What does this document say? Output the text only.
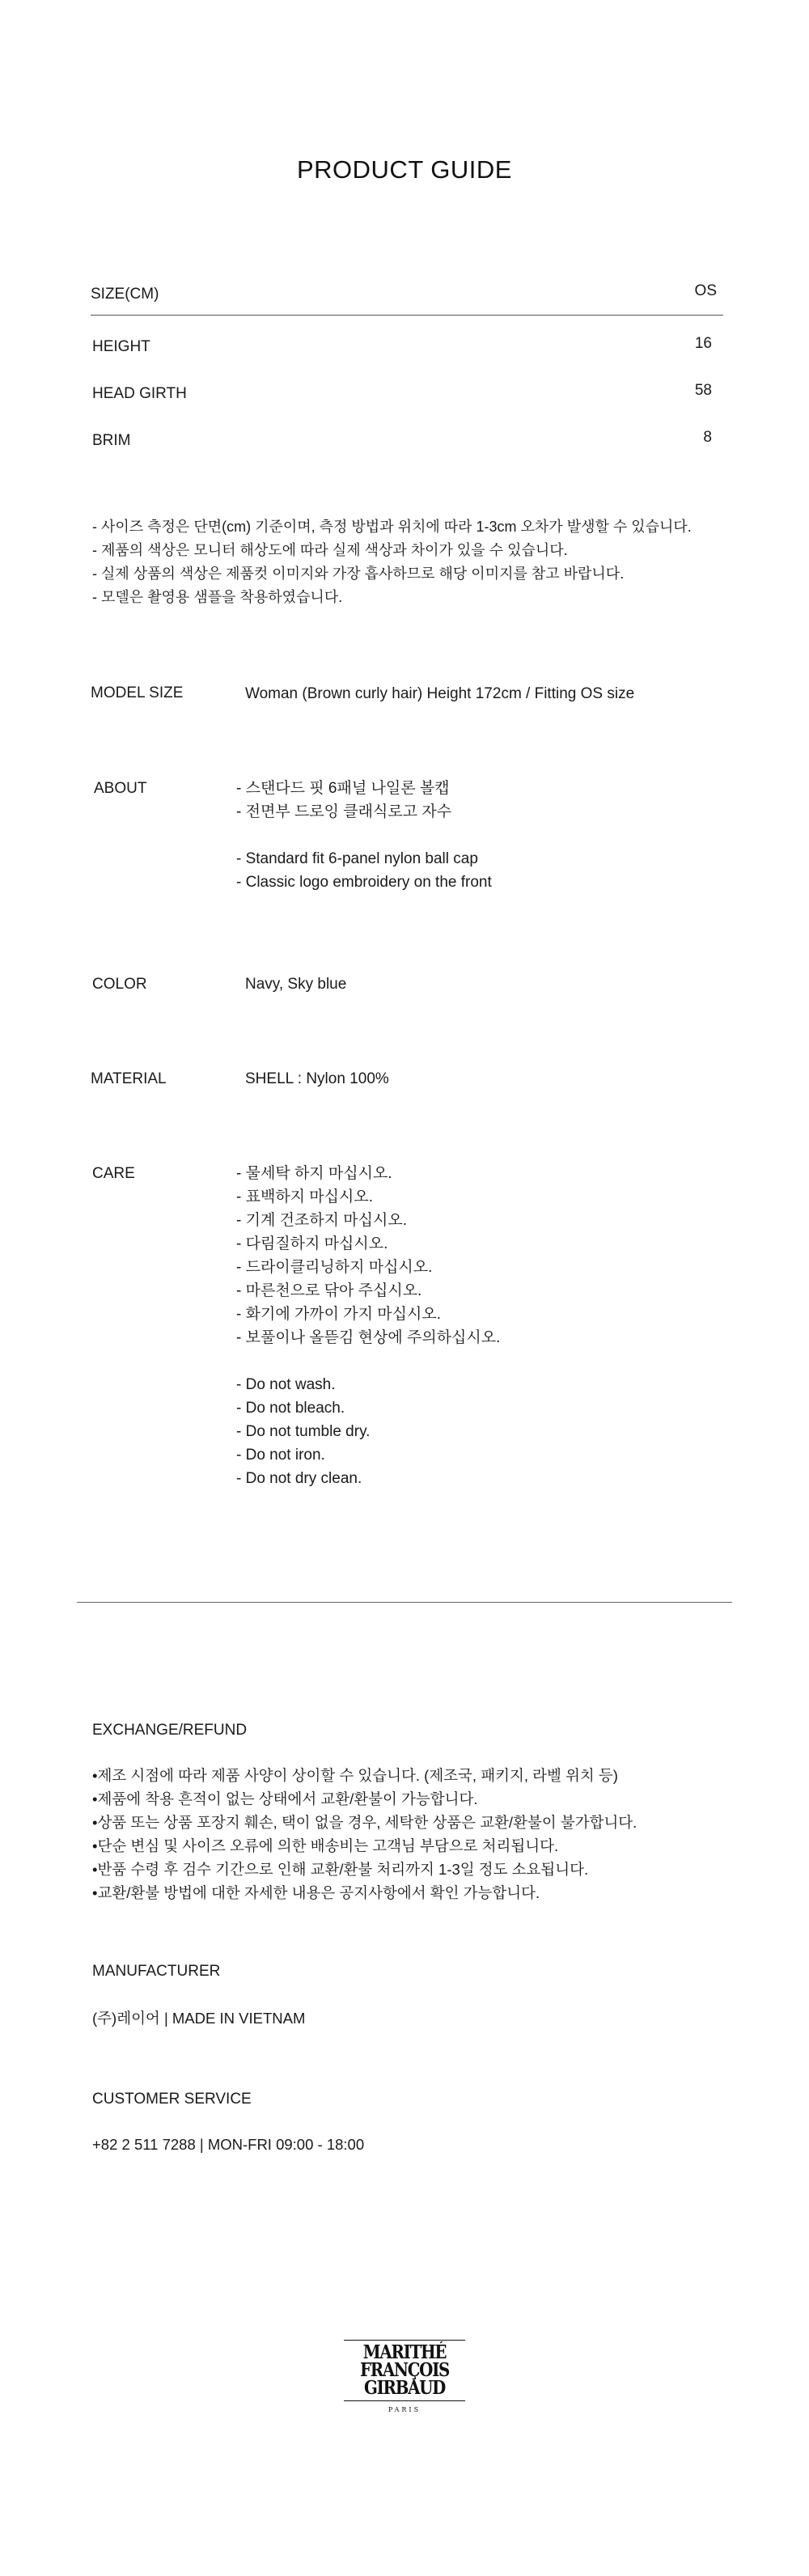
PRODUCT GUIDE
SIZE(CM)	OS
HEIGHT	16
HEAD GIRTH	58
BRIM	8
- 사이즈 측정은 단면(cm) 기준이며, 측정 방법과 위치에 따라 1-3cm 오차가 발생할 수 있습니다.
- 제품의 색상은 모니터 해상도에 따라 실제 색상과 차이가 있을 수 있습니다.
- 실제 상품의 색상은 제품컷 이미지와 가장 흡사하므로 해당 이미지를 참고 바랍니다.
- 모델은 촬영용 샘플을 착용하였습니다.
MODEL SIZE	Woman (Brown curly hair) Height 172cm / Fitting OS size
ABOUT	- 스탠다드 핏 6패널 나일론 볼캡
- 전면부 드로잉 클래식로고 자수
- Standard fit 6-panel nylon ball cap
- Classic logo embroidery on the front
COLOR	Navy, Sky blue
MATERIAL	SHELL : Nylon 100%
CARE	- 물세탁 하지 마십시오.
- 표백하지 마십시오.
- 기계 건조하지 마십시오.
- 다림질하지 마십시오.
- 드라이클리닝하지 마십시오.
- 마른천으로 닦아 주십시오.
- 화기에 가까이 가지 마십시오.
- 보풀이나 올뜯김 현상에 주의하십시오.
- Do not wash.
- Do not bleach.
- Do not tumble dry.
- Do not iron.
- Do not dry clean.
EXCHANGE/REFUND
•제조 시점에 따라 제품 사양이 상이할 수 있습니다. (제조국, 패키지, 라벨 위치 등)
•제품에 착용 흔적이 없는 상태에서 교환/환불이 가능합니다.
•상품 또는 상품 포장지 훼손, 택이 없을 경우, 세탁한 상품은 교환/환불이 불가합니다.
•단순 변심 및 사이즈 오류에 의한 배송비는 고객님 부담으로 처리됩니다.
•반품 수령 후 검수 기간으로 인해 교환/환불 처리까지 1-3일 정도 소요됩니다.
•교환/환불 방법에 대한 자세한 내용은 공지사항에서 확인 가능합니다.
MANUFACTURER
(주)레이어 | MADE IN VIETNAM
CUSTOMER SERVICE
+82 2 511 7288 | MON-FRI 09:00 - 18:00
MARITHÉ
FRANÇOIS
GIRBAUD
PARIS
